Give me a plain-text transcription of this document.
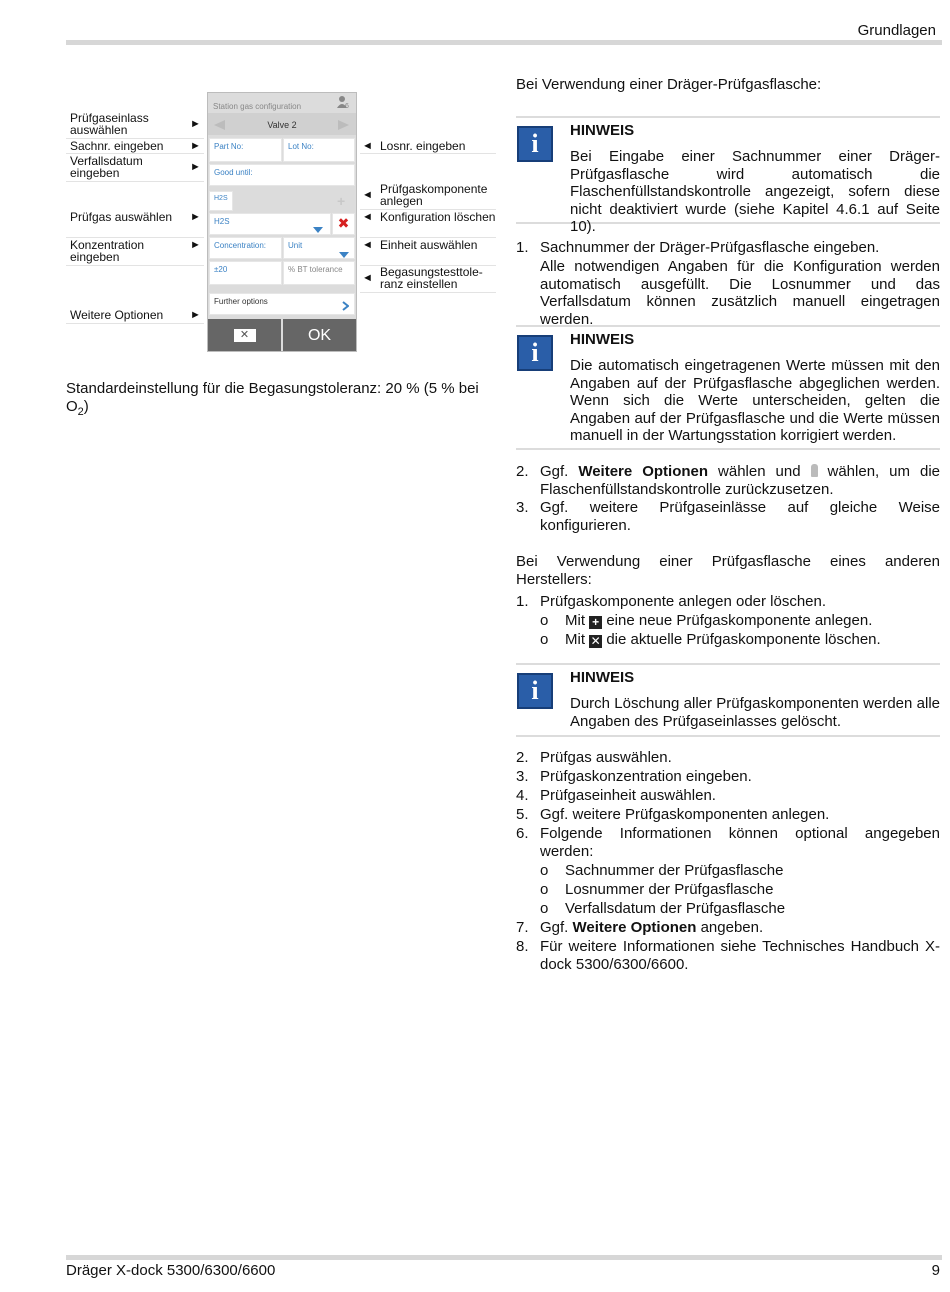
Grundlagen
Prüfgaseinlass auswählen	►
Sachnr. eingeben	►
Verfallsdatum eingeben	►
Prüfgas auswählen	►
Konzentration eingeben
►
Weitere Optionen	►
◄ Losnr. eingeben
◄ Prüfgaskomponente anlegen
◄ Konfiguration löschen
◄ Einheit auswählen
◄ Begasungstesttole-ranz einstellen
Station gas configuration	6
Valve 2
Part No:	Lot No:
Good until:
H2S	+
H2S	✖
Concentration:	Unit
±20	% BT tolerance
Further options
✕	OK
Standardeinstellung für die Begasungstoleranz: 20 % (5 % bei $O_2$)
Bei Verwendung einer Dräger-Prüfgasflasche:
i	HINWEIS
Bei Eingabe einer Sachnummer einer Dräger-Prüfgasflasche wird automatisch die Flaschenfüllstandskontrolle angezeigt, sofern diese nicht deaktiviert wurde (siehe Kapitel 4.6.1 auf Seite 10).
1. Sachnummer der Dräger-Prüfgasflasche eingeben.
Alle notwendigen Angaben für die Konfiguration werden automatisch ausgefüllt. Die Losnummer und das Verfallsdatum können zusätzlich manuell eingetragen werden.
i	HINWEIS
Die automatisch eingetragenen Werte müssen mit den Angaben auf der Prüfgasflasche abgeglichen werden. Wenn sich die Werte unterscheiden, gelten die Angaben auf der Prüfgasflasche und die Werte müssen manuell in der Wartungsstation korrigiert werden.
2. Ggf. Weitere Optionen wählen und  wählen, um die Flaschenfüllstandskontrolle zurückzusetzen.
3. Ggf. weitere Prüfgaseinlässe auf gleiche Weise konfigurieren.
Bei Verwendung einer Prüfgasflasche eines anderen Herstellers:
1. Prüfgaskomponente anlegen oder löschen.
o Mit + eine neue Prüfgaskomponente anlegen.
o Mit ✕ die aktuelle Prüfgaskomponente löschen.
i	HINWEIS
Durch Löschung aller Prüfgaskomponenten werden alle Angaben des Prüfgaseinlasses gelöscht.
2. Prüfgas auswählen.
3. Prüfgaskonzentration eingeben.
4. Prüfgaseinheit auswählen.
5. Ggf. weitere Prüfgaskomponenten anlegen.
6. Folgende Informationen können optional angegeben werden:
o Sachnummer der Prüfgasflasche
o Losnummer der Prüfgasflasche
o Verfallsdatum der Prüfgasflasche
7. Ggf. Weitere Optionen angeben.
8. Für weitere Informationen siehe Technisches Handbuch X-dock 5300/6300/6600.
Dräger X-dock 5300/6300/6600	9
